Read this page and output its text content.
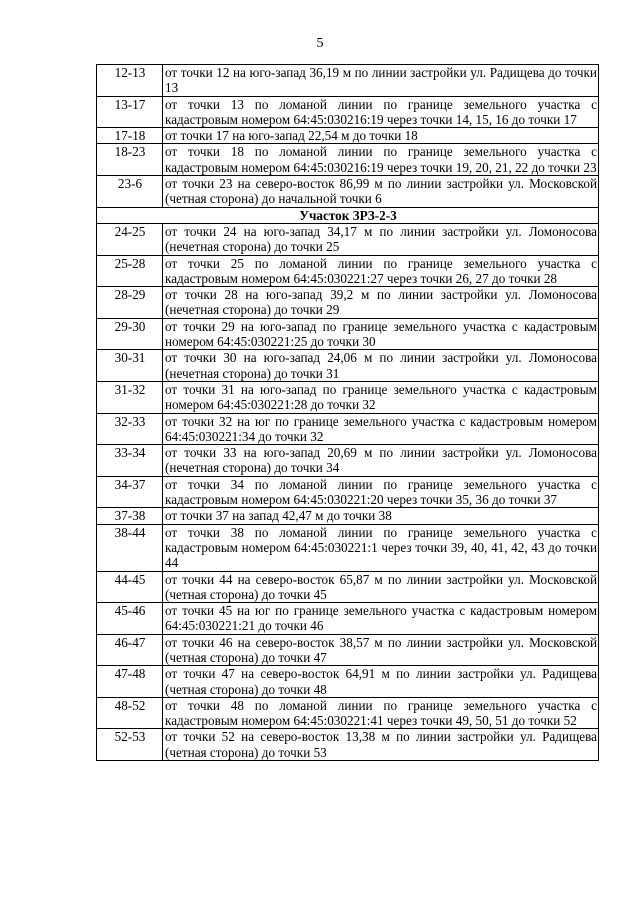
5
12-13	от точки 12 на юго-запад 36,19 м по линии застройки ул. Радищева до точки 13
13-17	от точки 13 по ломаной линии по границе земельного участка с кадастровым номером 64:45:030216:19 через точки 14, 15, 16 до точки 17
17-18	от точки 17 на юго-запад 22,54 м до точки 18
18-23	от точки 18 по ломаной линии по границе земельного участка с кадастровым номером 64:45:030216:19 через точки 19, 20, 21, 22 до точки 23
23-6	от точки 23 на северо-восток 86,99 м по линии застройки ул. Московской (четная сторона) до начальной точки 6
Участок ЗРЗ-2-3	
24-25	от точки 24 на юго-запад 34,17 м по линии застройки ул. Ломоносова (нечетная сторона) до точки 25
25-28	от точки 25 по ломаной линии по границе земельного участка с кадастровым номером 64:45:030221:27 через точки 26, 27 до точки 28
28-29	от точки 28 на юго-запад 39,2 м по линии застройки ул. Ломоносова (нечетная сторона) до точки 29
29-30	от точки 29 на юго-запад по границе земельного участка с кадастровым номером 64:45:030221:25 до точки 30
30-31	от точки 30 на юго-запад 24,06 м по линии застройки ул. Ломоносова (нечетная сторона) до точки 31
31-32	от точки 31 на юго-запад по границе земельного участка с кадастровым номером 64:45:030221:28 до точки 32
32-33	от точки 32 на юг по границе земельного участка с кадастровым номером 64:45:030221:34 до точки 32
33-34	от точки 33 на юго-запад 20,69 м по линии застройки ул. Ломоносова (нечетная сторона) до точки 34
34-37	от точки 34 по ломаной линии по границе земельного участка с кадастровым номером 64:45:030221:20 через точки 35, 36 до точки 37
37-38	от точки 37 на запад 42,47 м до точки 38
38-44	от точки 38 по ломаной линии по границе земельного участка с кадастровым номером 64:45:030221:1 через точки 39, 40, 41, 42, 43 до точки 44
44-45	от точки 44 на северо-восток 65,87 м по линии застройки ул. Московской (четная сторона) до точки 45
45-46	от точки 45 на юг по границе земельного участка с кадастровым номером 64:45:030221:21 до точки 46
46-47	от точки 46 на северо-восток 38,57 м по линии застройки ул. Московской (четная сторона) до точки 47
47-48	от точки 47 на северо-восток 64,91 м по линии застройки ул. Радищева (четная сторона) до точки 48
48-52	от точки 48 по ломаной линии по границе земельного участка с кадастровым номером 64:45:030221:41 через точки 49, 50, 51 до точки 52
52-53	от точки 52 на северо-восток 13,38 м по линии застройки ул. Радищева (четная сторона) до точки 53
